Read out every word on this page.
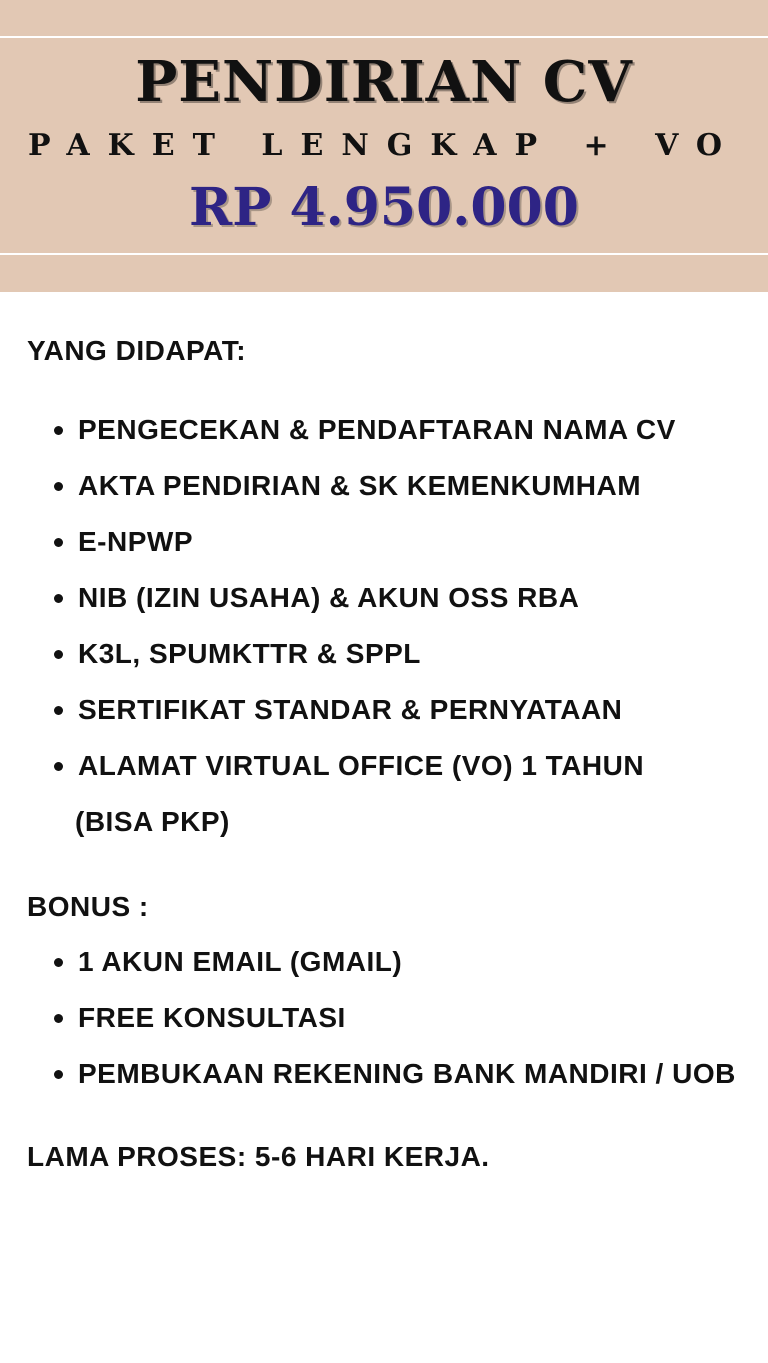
PENDIRIAN CV
PAKET LENGKAP + VO
RP 4.950.000
YANG DIDAPAT:
PENGECEKAN & PENDAFTARAN NAMA CV
AKTA PENDIRIAN & SK KEMENKUMHAM
E-NPWP
NIB (IZIN USAHA) & AKUN OSS RBA
K3L, SPUMKTTR & SPPL
SERTIFIKAT STANDAR & PERNYATAAN
ALAMAT VIRTUAL OFFICE (VO) 1 TAHUN
(BISA PKP)
BONUS :
1 AKUN EMAIL (GMAIL)
FREE KONSULTASI
PEMBUKAAN REKENING BANK MANDIRI / UOB
LAMA PROSES: 5-6 HARI KERJA.
